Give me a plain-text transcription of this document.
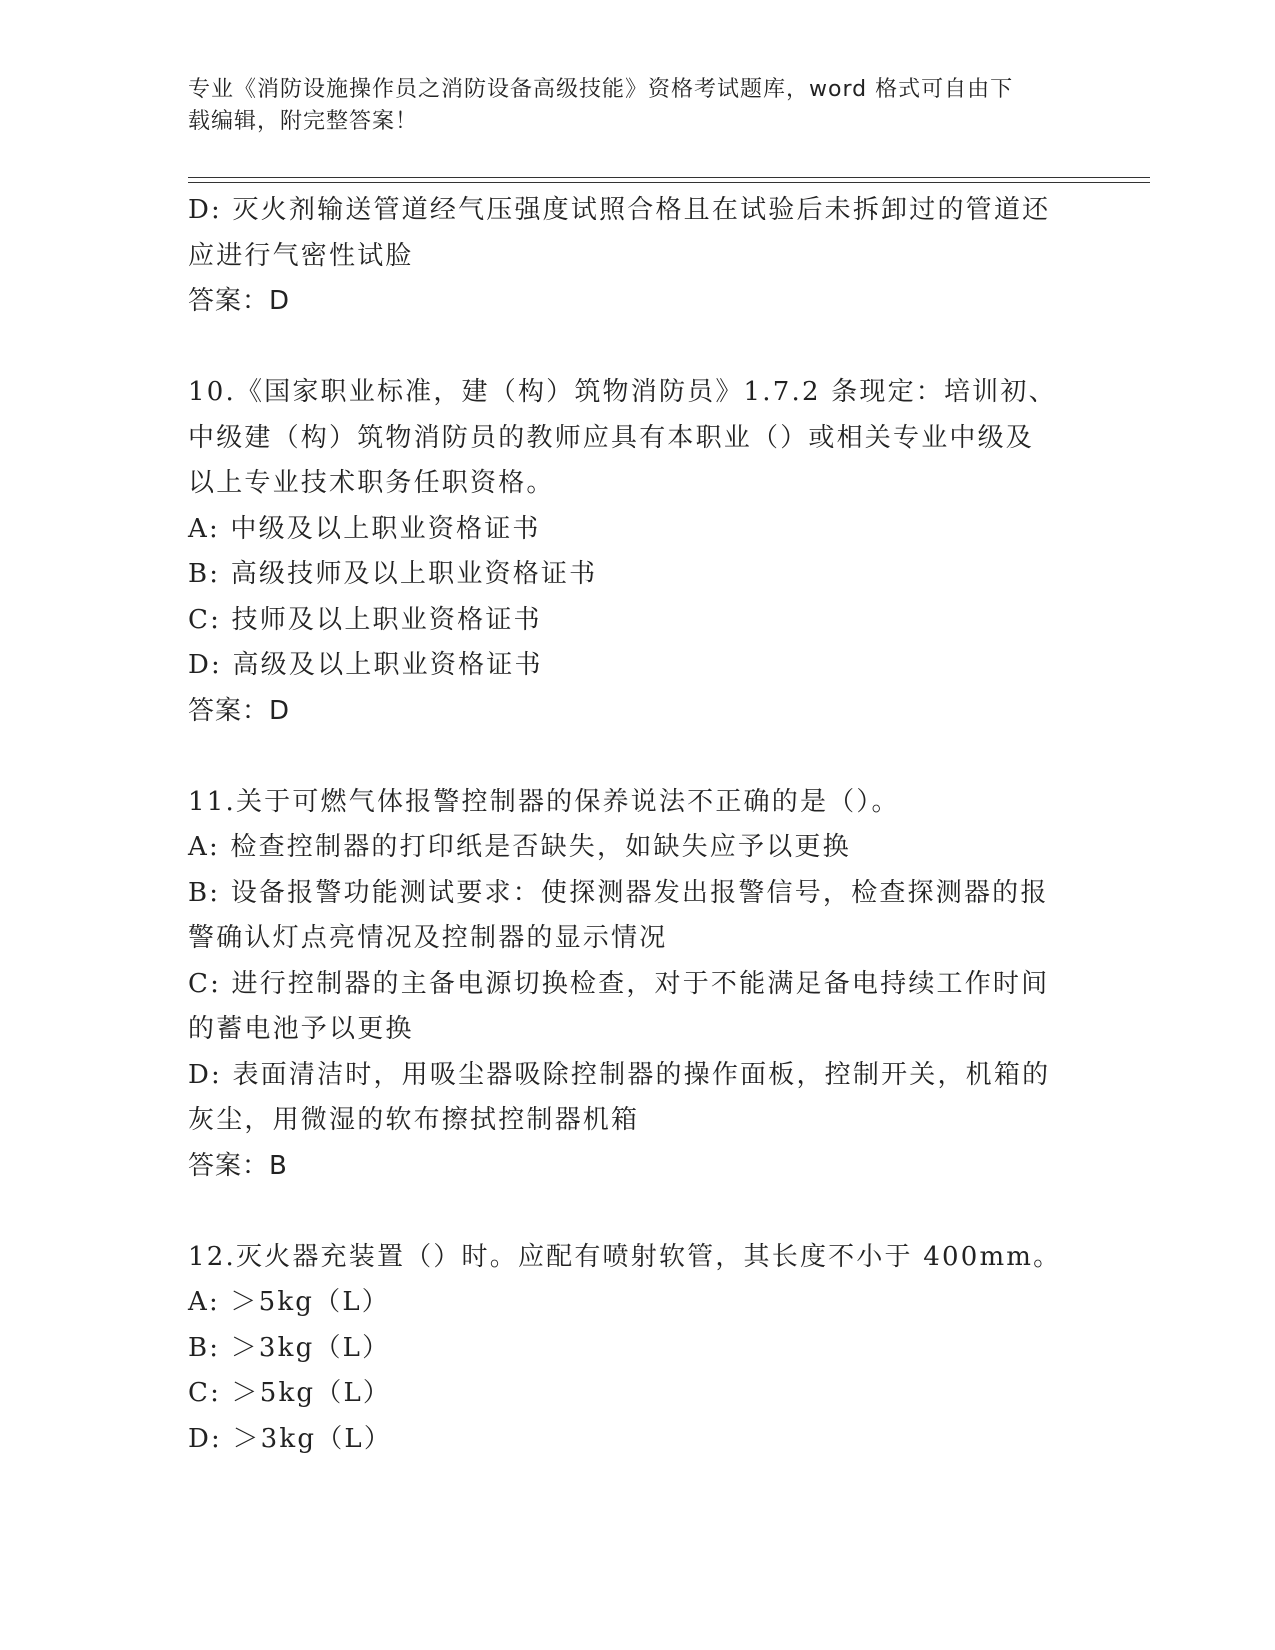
专业《消防设施操作员之消防设备高级技能》资格考试题库，word 格式可自由下
载编辑，附完整答案！

D: 灭火剂输送管道经气压强度试照合格且在试验后未拆卸过的管道还

应进行气密性试脸

答案：D

10.《国家职业标准，建（构）筑物消防员》1.7.2 条现定：培训初、

中级建（构）筑物消防员的教师应具有本职业（）或相关专业中级及

以上专业技术职务任职资格。

A: 中级及以上职业资格证书

B: 高级技师及以上职业资格证书

C: 技师及以上职业资格证书

D: 高级及以上职业资格证书

答案：D

11.关于可燃气体报警控制器的保养说法不正确的是（）。

A: 检查控制器的打印纸是否缺失，如缺失应予以更换

B: 设备报警功能测试要求：使探测器发出报警信号，检查探测器的报

警确认灯点亮情况及控制器的显示情况

C: 进行控制器的主备电源切换检查，对于不能满足备电持续工作时间

的蓄电池予以更换

D: 表面清洁时，用吸尘器吸除控制器的操作面板，控制开关，机箱的

灰尘，用微湿的软布擦拭控制器机箱

答案：B

12.灭火器充装置（）时。应配有喷射软管，其长度不小于 400mm。

A: ＞5kg（L）

B: ＞3kg（L）

C: ＞5kg（L）

D: ＞3kg（L）
